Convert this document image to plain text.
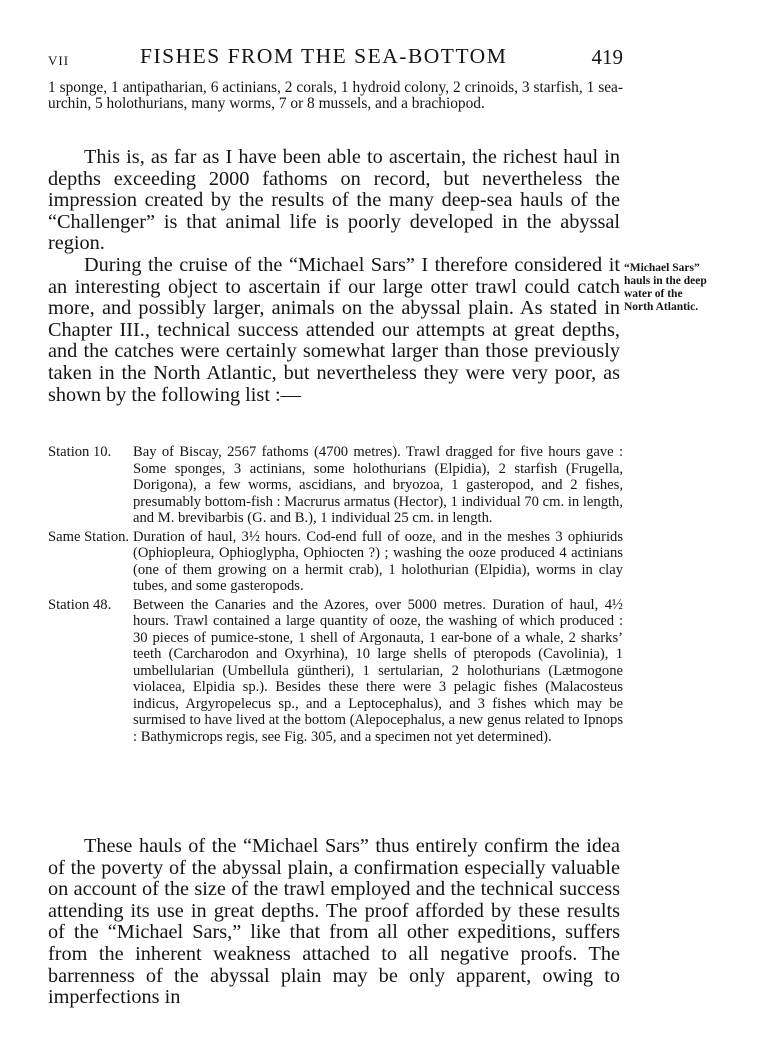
VII	FISHES FROM THE SEA-BOTTOM	419
1 sponge, 1 antipatharian, 6 actinians, 2 corals, 1 hydroid colony, 2 crinoids, 3 starfish, 1 sea-urchin, 5 holothurians, many worms, 7 or 8 mussels, and a brachiopod.

This is, as far as I have been able to ascertain, the richest haul in depths exceeding 2000 fathoms on record, but nevertheless the impression created by the results of the many deep-sea hauls of the “Challenger” is that animal life is poorly developed in the abyssal region.

During the cruise of the “Michael Sars” I therefore considered it an interesting object to ascertain if our large otter trawl could catch more, and possibly larger, animals on the abyssal plain. As stated in Chapter III., technical success attended our attempts at great depths, and the catches were certainly somewhat larger than those previously taken in the North Atlantic, but nevertheless they were very poor, as shown by the following list :—

“Michael Sars” hauls in the deep water of the North Atlantic.
Station 10. Bay of Biscay, 2567 fathoms (4700 metres). Trawl dragged for five hours gave : Some sponges, 3 actinians, some holothurians (Elpidia), 2 starfish (Frugella, Dorigona), a few worms, ascidians, and bryozoa, 1 gasteropod, and 2 fishes, presumably bottom-fish : Macrurus armatus (Hector), 1 individual 70 cm. in length, and M. brevibarbis (G. and B.), 1 individual 25 cm. in length.
Same Station. Duration of haul, 3½ hours. Cod-end full of ooze, and in the meshes 3 ophiurids (Ophiopleura, Ophioglypha, Ophiocten ?) ; washing the ooze produced 4 actinians (one of them growing on a hermit crab), 1 holothurian (Elpidia), worms in clay tubes, and some gasteropods.
Station 48. Between the Canaries and the Azores, over 5000 metres. Duration of haul, 4½ hours. Trawl contained a large quantity of ooze, the washing of which produced : 30 pieces of pumice-stone, 1 shell of Argonauta, 1 ear-bone of a whale, 2 sharks’ teeth (Carcharodon and Oxyrhina), 10 large shells of pteropods (Cavolinia), 1 umbellularian (Umbellula güntheri), 1 sertularian, 2 holothurians (Lætmogone violacea, Elpidia sp.). Besides these there were 3 pelagic fishes (Malacosteus indicus, Argyropelecus sp., and a Leptocephalus), and 3 fishes which may be surmised to have lived at the bottom (Alepocephalus, a new genus related to Ipnops : Bathymicrops regis, see Fig. 305, and a specimen not yet determined).

These hauls of the “Michael Sars” thus entirely confirm the idea of the poverty of the abyssal plain, a confirmation especially valuable on account of the size of the trawl employed and the technical success attending its use in great depths. The proof afforded by these results of the “Michael Sars,” like that from all other expeditions, suffers from the inherent weakness attached to all negative proofs. The barrenness of the abyssal plain may be only apparent, owing to imperfections in
